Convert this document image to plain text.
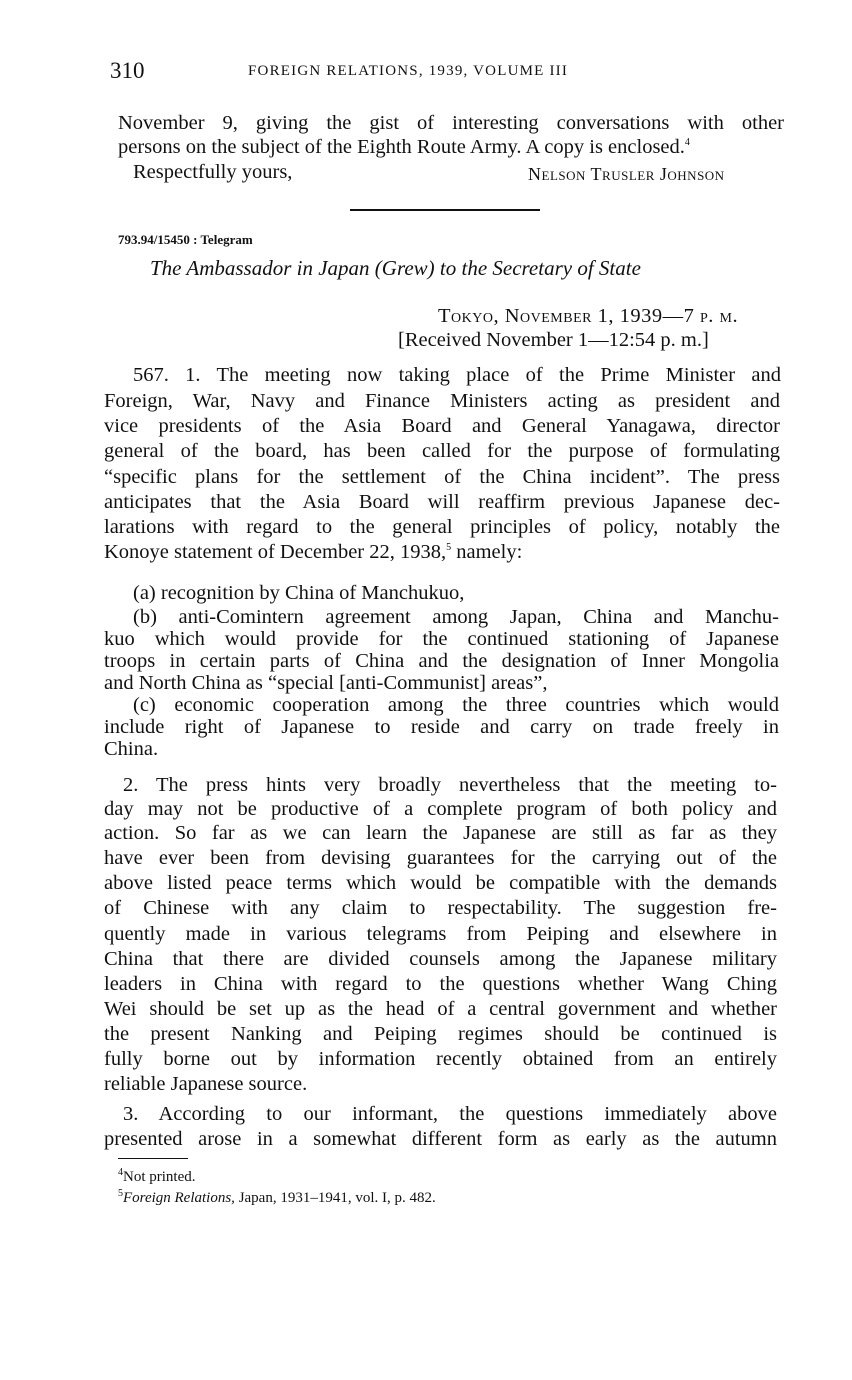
310	FOREIGN RELATIONS, 1939, VOLUME III
November 9, giving the gist of interesting conversations with other
persons on the subject of the Eighth Route Army. A copy is enclosed.$^4$
Respectfully yours,	Nelson Trusler Johnson
793.94/15450 : Telegram
The Ambassador in Japan (Grew) to the Secretary of State
Tokyo, November 1, 1939—7 p. m.
[Received November 1—12:54 p. m.]
567. 1. The meeting now taking place of the Prime Minister and
Foreign, War, Navy and Finance Ministers acting as president and
vice presidents of the Asia Board and General Yanagawa, director
general of the board, has been called for the purpose of formulating
“specific plans for the settlement of the China incident”. The press
anticipates that the Asia Board will reaffirm previous Japanese dec-
larations with regard to the general principles of policy, notably the
Konoye statement of December 22, 1938,$^5$ namely:
(a) recognition by China of Manchukuo,
(b) anti-Comintern agreement among Japan, China and Manchu-
kuo which would provide for the continued stationing of Japanese
troops in certain parts of China and the designation of Inner Mongolia
and North China as “special [anti-Communist] areas”,
(c) economic cooperation among the three countries which would
include right of Japanese to reside and carry on trade freely in
China.
2. The press hints very broadly nevertheless that the meeting to-
day may not be productive of a complete program of both policy and
action. So far as we can learn the Japanese are still as far as they
have ever been from devising guarantees for the carrying out of the
above listed peace terms which would be compatible with the demands
of Chinese with any claim to respectability. The suggestion fre-
quently made in various telegrams from Peiping and elsewhere in
China that there are divided counsels among the Japanese military
leaders in China with regard to the questions whether Wang Ching
Wei should be set up as the head of a central government and whether
the present Nanking and Peiping regimes should be continued is
fully borne out by information recently obtained from an entirely
reliable Japanese source.
3. According to our informant, the questions immediately above
presented arose in a somewhat different form as early as the autumn
$^4$Not printed.
$^5$Foreign Relations, Japan, 1931–1941, vol. I, p. 482.
